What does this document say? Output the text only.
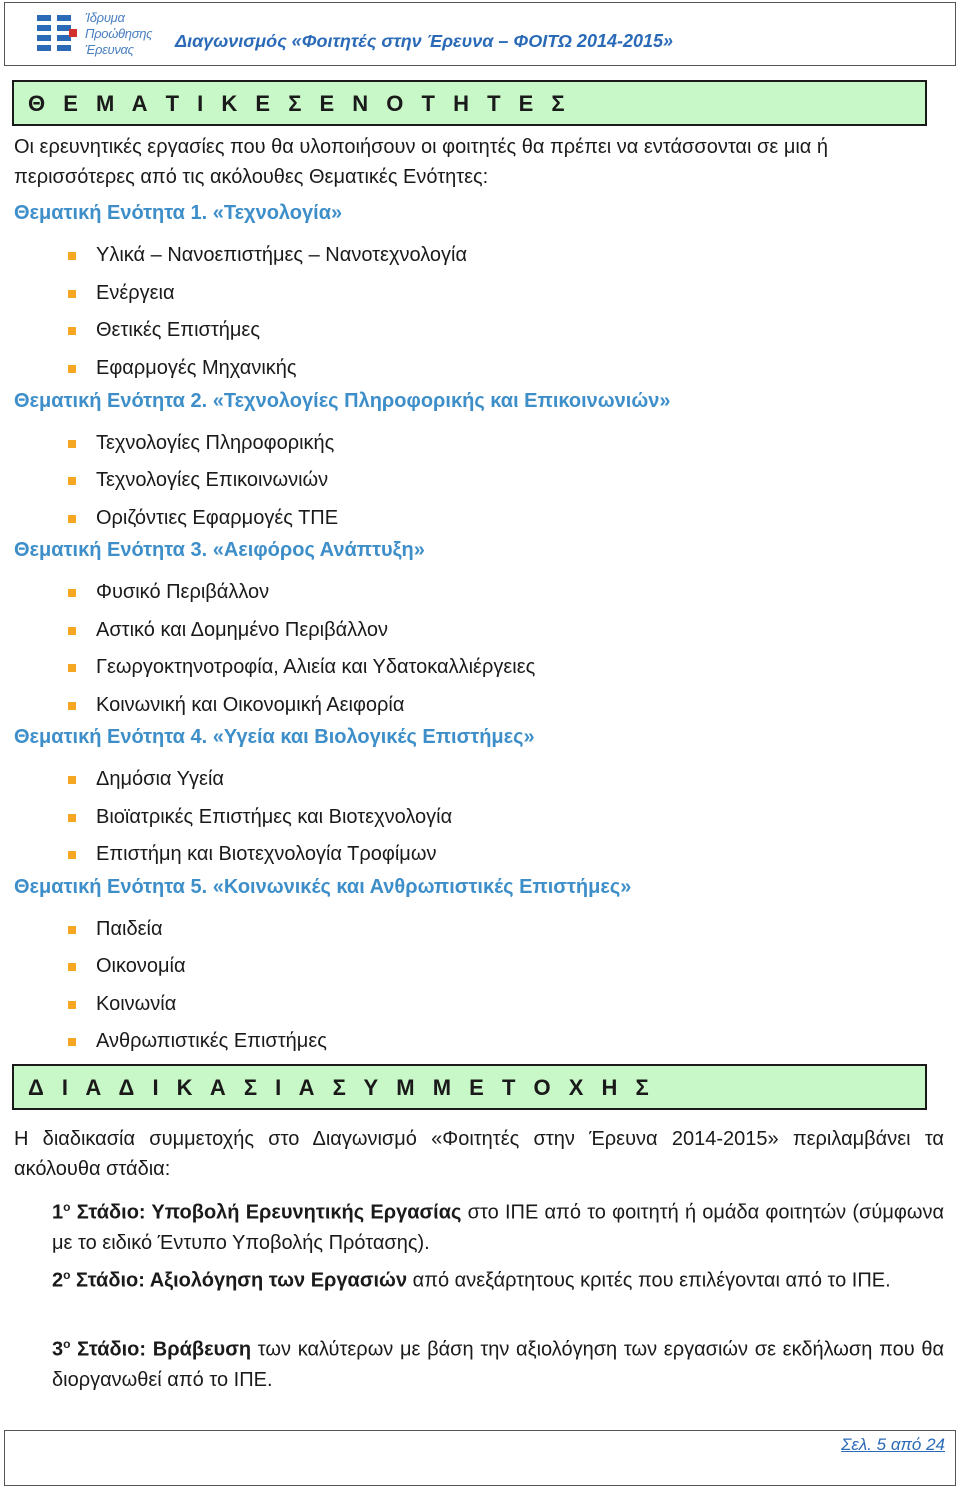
Ίδρυμα
Προώθησης
Έρευνας Διαγωνισμός «Φοιτητές στην Έρευνα – ΦΟΙΤΩ 2014-2015»
Θ Ε Μ Α Τ Ι Κ Ε Σ Ε Ν Ο Τ Η Τ Ε Σ
Οι ερευνητικές εργασίες που θα υλοποιήσουν οι φοιτητές θα πρέπει να εντάσσονται σε μια ή περισσότερες από τις ακόλουθες Θεματικές Ενότητες:
Θεματική Ενότητα 1. «Τεχνολογία»
Υλικά – Νανοεπιστήμες – Νανοτεχνολογία
Ενέργεια
Θετικές Επιστήμες
Εφαρμογές Μηχανικής
Θεματική Ενότητα 2. «Τεχνολογίες Πληροφορικής και Επικοινωνιών»
Τεχνολογίες Πληροφορικής
Τεχνολογίες Επικοινωνιών
Οριζόντιες Εφαρμογές ΤΠΕ
Θεματική Ενότητα 3. «Αειφόρος Ανάπτυξη»
Φυσικό Περιβάλλον
Αστικό και Δομημένο Περιβάλλον
Γεωργοκτηνοτροφία, Αλιεία και Υδατοκαλλιέργειες
Κοινωνική και Οικονομική Αειφορία
Θεματική Ενότητα 4. «Υγεία και Βιολογικές Επιστήμες»
Δημόσια Υγεία
Βιοϊατρικές Επιστήμες και Βιοτεχνολογία
Επιστήμη και Βιοτεχνολογία Τροφίμων
Θεματική Ενότητα 5. «Κοινωνικές και Ανθρωπιστικές Επιστήμες»
Παιδεία
Οικονομία
Κοινωνία
Ανθρωπιστικές Επιστήμες
Δ Ι Α Δ Ι Κ Α Σ Ι Α Σ Υ Μ Μ Ε Τ Ο Χ Η Σ
Η διαδικασία συμμετοχής στο Διαγωνισμό «Φοιτητές στην Έρευνα 2014-2015» περιλαμβάνει τα ακόλουθα στάδια:
$1^o$ Στάδιο: Υποβολή Ερευνητικής Εργασίας στο ΙΠΕ από το φοιτητή ή ομάδα φοιτητών (σύμφωνα με το ειδικό Έντυπο Υποβολής Πρότασης).
$2^o$ Στάδιο: Αξιολόγηση των Εργασιών από ανεξάρτητους κριτές που επιλέγονται από το ΙΠΕ.
$3^o$ Στάδιο: Βράβευση των καλύτερων με βάση την αξιολόγηση των εργασιών σε εκδήλωση που θα διοργανωθεί από το ΙΠΕ.
Σελ. 5 από 24
